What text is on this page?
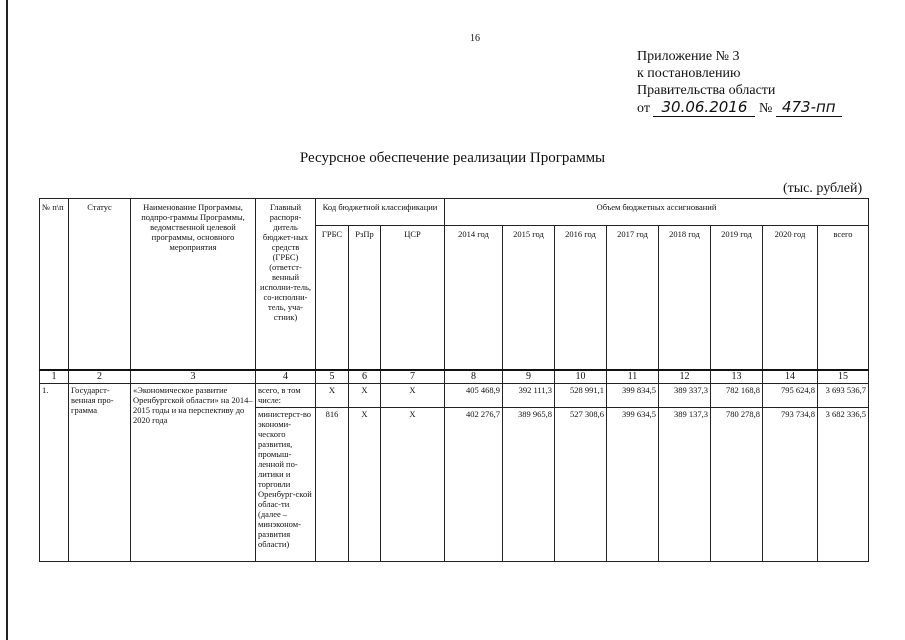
16
Приложение № 3
к постановлению
Правительства области
от 30.06.2016 № 473-пп
Ресурсное обеспечение реализации Программы
(тыс. рублей)
№ п\п	Статус	Наименование Программы, подпро-граммы Программы, ведомственной целевой программы, основного мероприятия	Главный распоря-дитель бюджет-ных средств (ГРБС) (ответст-венный исполни-тель, со-исполни-тель, уча-стник)	Код бюджетной классификации			Объем бюджетных ассигнований							
				ГРБС	РзПр	ЦСР	2014 год	2015 год	2016 год	2017 год	2018 год	2019 год	2020 год	всего
1	2	3	4	5	6	7	8	9	10	11	12	13	14	15
1.	Государст-венная про-грамма	«Экономическое развитие Оренбургской области» на 2014–2015 годы и на перспективу до 2020 года	всего, в том числе:	X	X	X	405 468,9	392 111,3	528 991,1	399 834,5	389 337,3	782 168,8	795 624,8	3 693 536,7
			министерст-во экономи-ческого развития, промыш-ленной по-литики и торговли Оренбург-ской облас-ти (далее – минэконом-развития области)	816	X	X	402 276,7	389 965,8	527 308,6	399 634,5	389 137,3	780 278,8	793 734,8	3 682 336,5
